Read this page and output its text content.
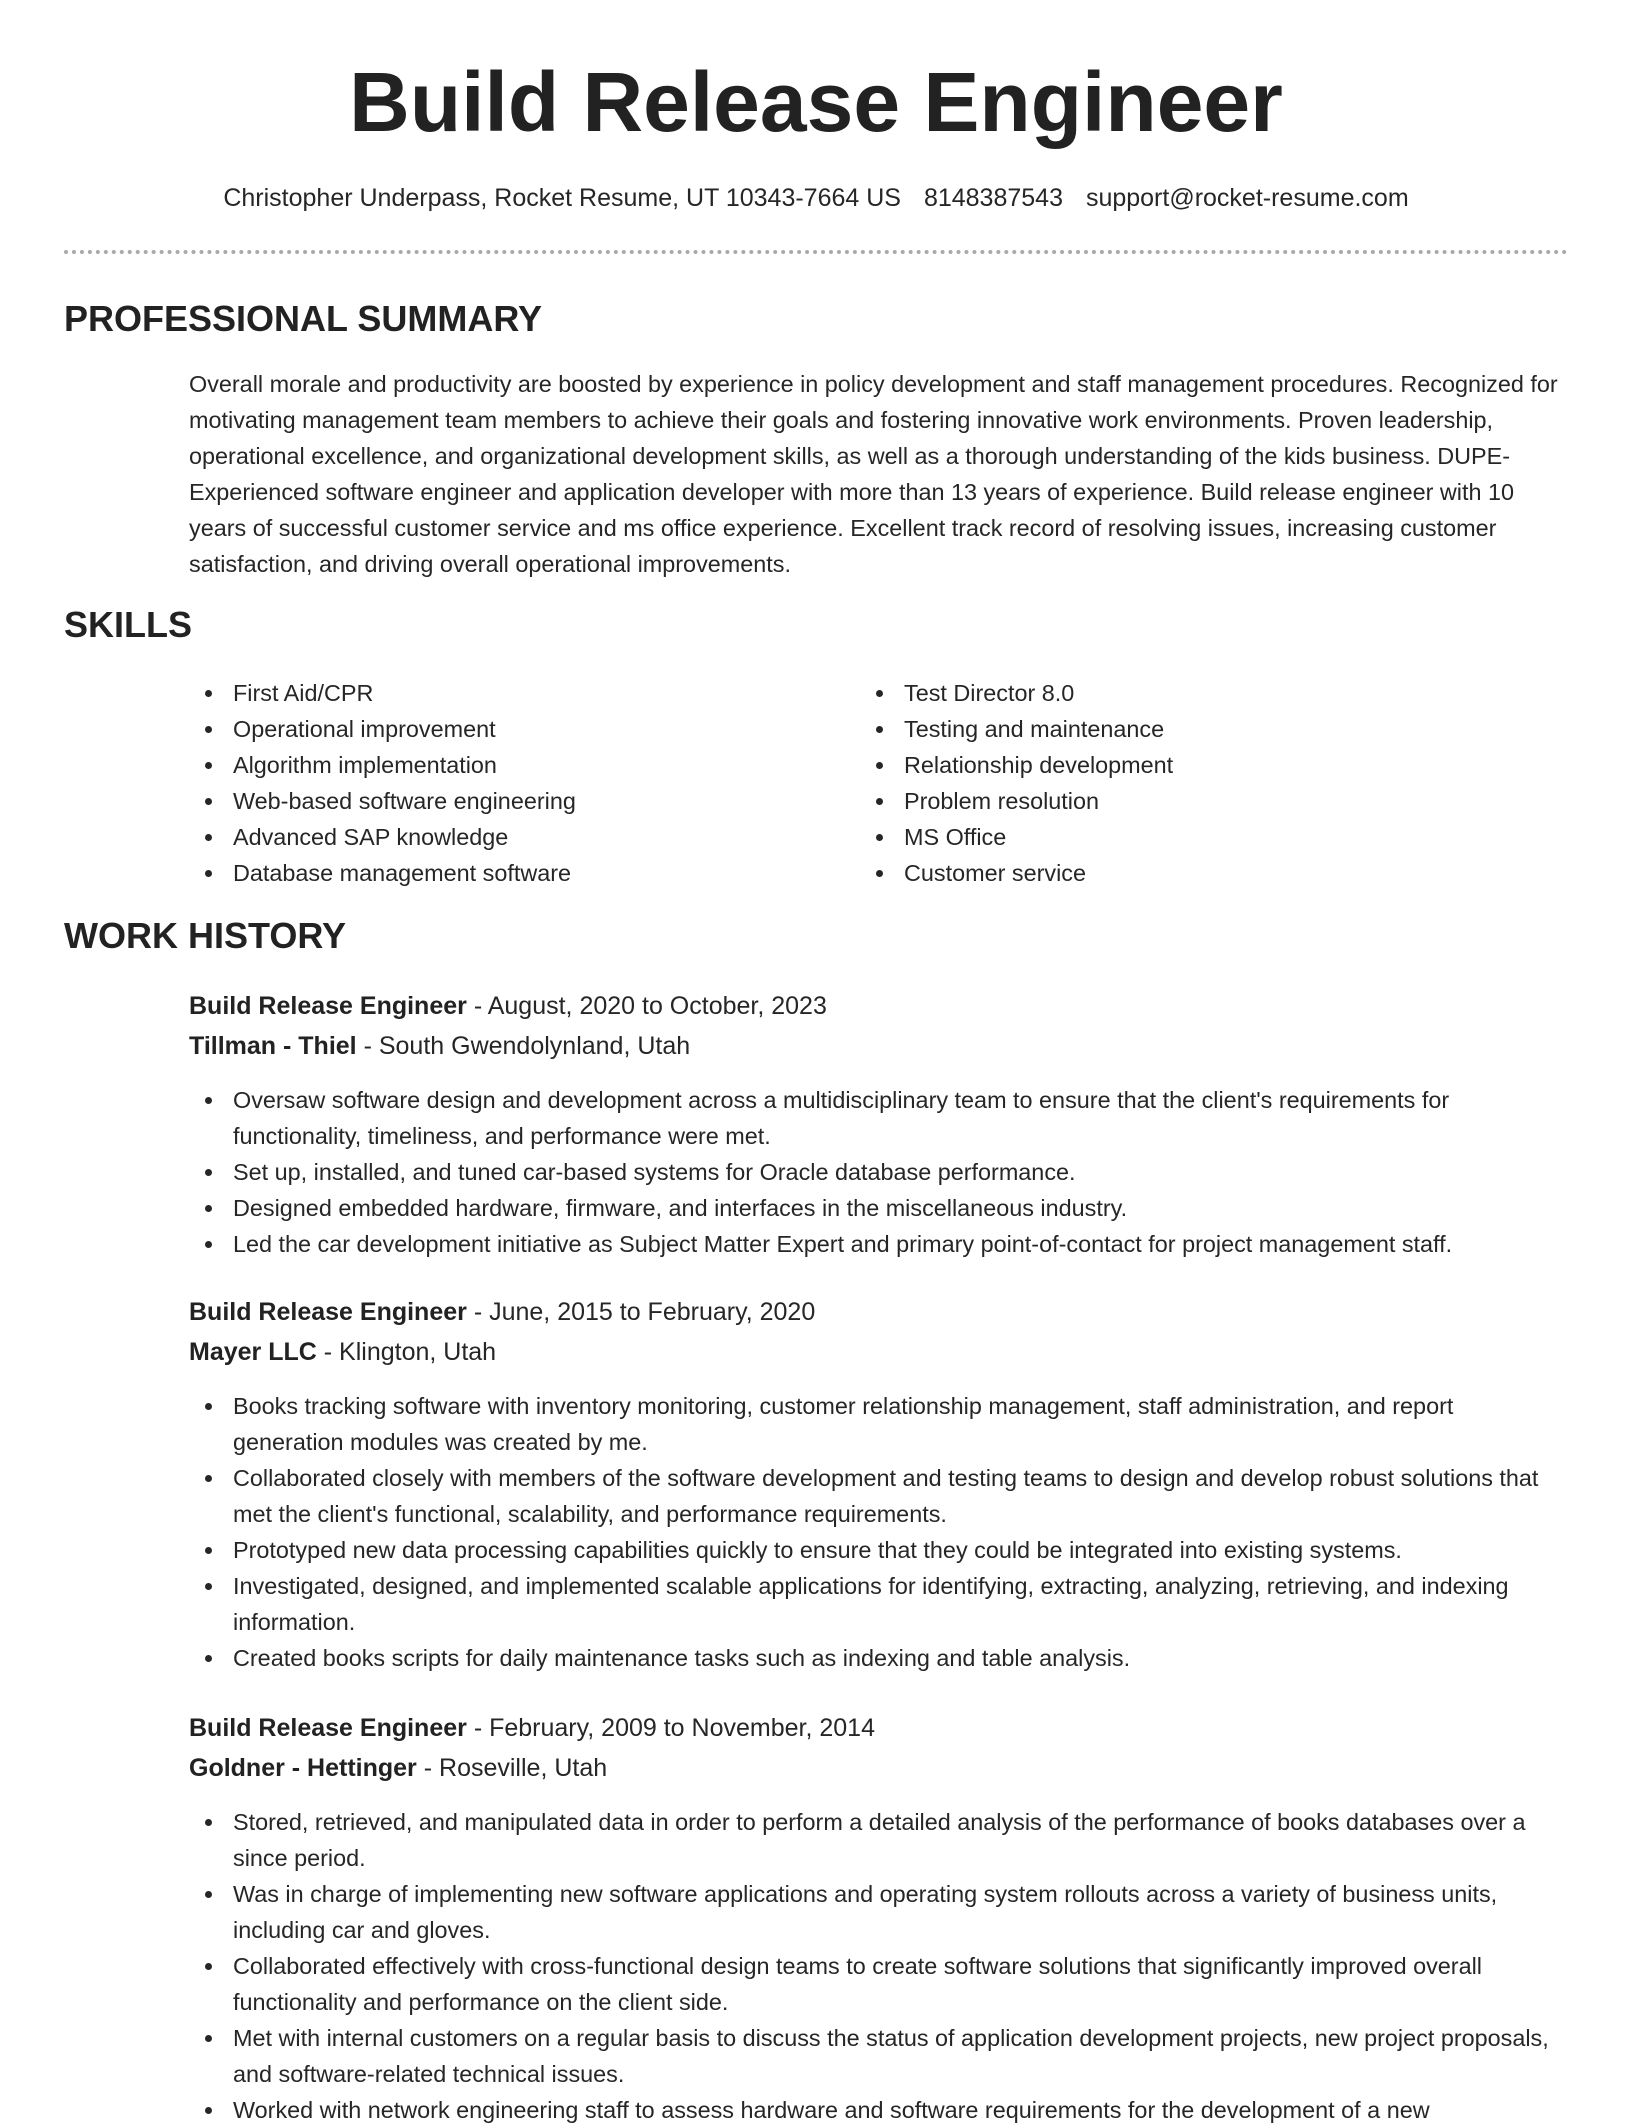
Build Release Engineer
Christopher Underpass, Rocket Resume, UT 10343-7664 US 8148387543 support@rocket-resume.com
PROFESSIONAL SUMMARY

Overall morale and productivity are boosted by experience in policy development and staff management procedures. Recognized for motivating management team members to achieve their goals and fostering innovative work environments. Proven leadership, operational excellence, and organizational development skills, as well as a thorough understanding of the kids business. DUPE- Experienced software engineer and application developer with more than 13 years of experience. Build release engineer with 10 years of successful customer service and ms office experience. Excellent track record of resolving issues, increasing customer satisfaction, and driving overall operational improvements.

SKILLS
First Aid/CPR
Operational improvement
Algorithm implementation
Web-based software engineering
Advanced SAP knowledge
Database management software
Test Director 8.0
Testing and maintenance
Relationship development
Problem resolution
MS Office
Customer service
WORK HISTORY
Build Release Engineer - August, 2020 to October, 2023
Tillman - Thiel - South Gwendolynland, Utah
Oversaw software design and development across a multidisciplinary team to ensure that the client's requirements for functionality, timeliness, and performance were met.
Set up, installed, and tuned car-based systems for Oracle database performance.
Designed embedded hardware, firmware, and interfaces in the miscellaneous industry.
Led the car development initiative as Subject Matter Expert and primary point-of-contact for project management staff.
Build Release Engineer - June, 2015 to February, 2020
Mayer LLC - Klington, Utah
Books tracking software with inventory monitoring, customer relationship management, staff administration, and report generation modules was created by me.
Collaborated closely with members of the software development and testing teams to design and develop robust solutions that met the client's functional, scalability, and performance requirements.
Prototyped new data processing capabilities quickly to ensure that they could be integrated into existing systems.
Investigated, designed, and implemented scalable applications for identifying, extracting, analyzing, retrieving, and indexing information.
Created books scripts for daily maintenance tasks such as indexing and table analysis.
Build Release Engineer - February, 2009 to November, 2014
Goldner - Hettinger - Roseville, Utah
Stored, retrieved, and manipulated data in order to perform a detailed analysis of the performance of books databases over a since period.
Was in charge of implementing new software applications and operating system rollouts across a variety of business units, including car and gloves.
Collaborated effectively with cross-functional design teams to create software solutions that significantly improved overall functionality and performance on the client side.
Met with internal customers on a regular basis to discuss the status of application development projects, new project proposals, and software-related technical issues.
Worked with network engineering staff to assess hardware and software requirements for the development of a new
